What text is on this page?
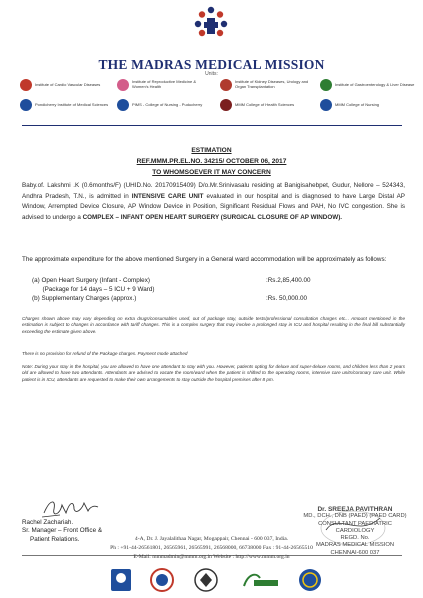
THE MADRAS MEDICAL MISSION
Units:
Institute of Cardio Vascular Diseases	Institute of Reproductive Medicine & Women's Health
Institute of Kidney Diseases, Urology and Organ Transplantation	Institute of Gastroenterology & Liver Disease
Pondicherry Institute of Medical Sciences	PIMS - College of Nursing - Puducherry	MMM College of Health Sciences	MMM College of Nursing
ESTIMATION
REF.MMM.PR.EL.NO. 34215/ OCTOBER 06, 2017
TO WHOMSOEVER IT MAY CONCERN
Baby.of. Lakshmi .K (0.6months/F) (UHID.No. 20170915409) D/o.Mr.Srinivasalu residing at Banigisahebpet, Gudur, Nellore – 524343, Andhra Pradesh, T.N., is admitted in INTENSIVE CARE UNIT evaluated in our hospital and is diagnosed to have Large Distal AP Window, Arrempted Device Closure, AP Window Device in Position, Significant Residual Flows and PAH, No IVC congestion. She is advised to undergo a COMPLEX – INFANT OPEN HEART SURGERY (SURGICAL CLOSURE OF AP WINDOW).
The approximate expenditure for the above mentioned Surgery in a General ward accommodation will be approximately as follows:
(a) Open Heart Surgery (Infant - Complex)	:Rs.2,85,400.00
(Package for 14 days – 5 ICU + 9 Ward)
(b) Supplementary Charges (approx.)	:Rs. 50,000.00
Charges shown above may vary depending on extra drugs/consumables used, out of package stay, outside tests/professional consultation charges etc... Amount mentioned in the estimation is subject to changes in accordance with tariff changes. This is a complex surgery that may involve a prolonged stay in ICU and hospital resulting in the final bill substantially exceeding the estimate given above.
There is no provision for refund of the Package charges. Payment mode attached
Note: During your stay in the hospital, you are allowed to have one attendant to stay with you. However, patients opting for deluxe and super-deluxe rooms, and children less than 2 years old are allowed to have two attendants. Attendants are advised to vacate the room/ward when the patient is shifted to the operating rooms, intensive care units/coronary care unit. While patient is in ICU, attendants are requested to make their own arrangements to stay outside the hospital premises after 8 pm.
Rachel Zachariah.
Sr. Manager – Front Office &
Patient Relations.
Dr. SREEJA PAVITHRAN
MD., DCH., DNB (PAED) (PAED CARD)
CONSULTANT PAEDIATRIC CARDIOLOGY
REGD. No.
MADRAS MEDICAL MISSION
CHENNAI-600 037
4-A, Dr. J. Jayalalithaa Nagar, Mogappair, Chennai - 600 037, India.
Ph : +91-44-26561801, 26565961, 26565991, 26568000, 66738000 Fax : 91-44-26565510
E-Mail: mmmadmin@mmm.org.in Website : http://www.mmm.org.in
